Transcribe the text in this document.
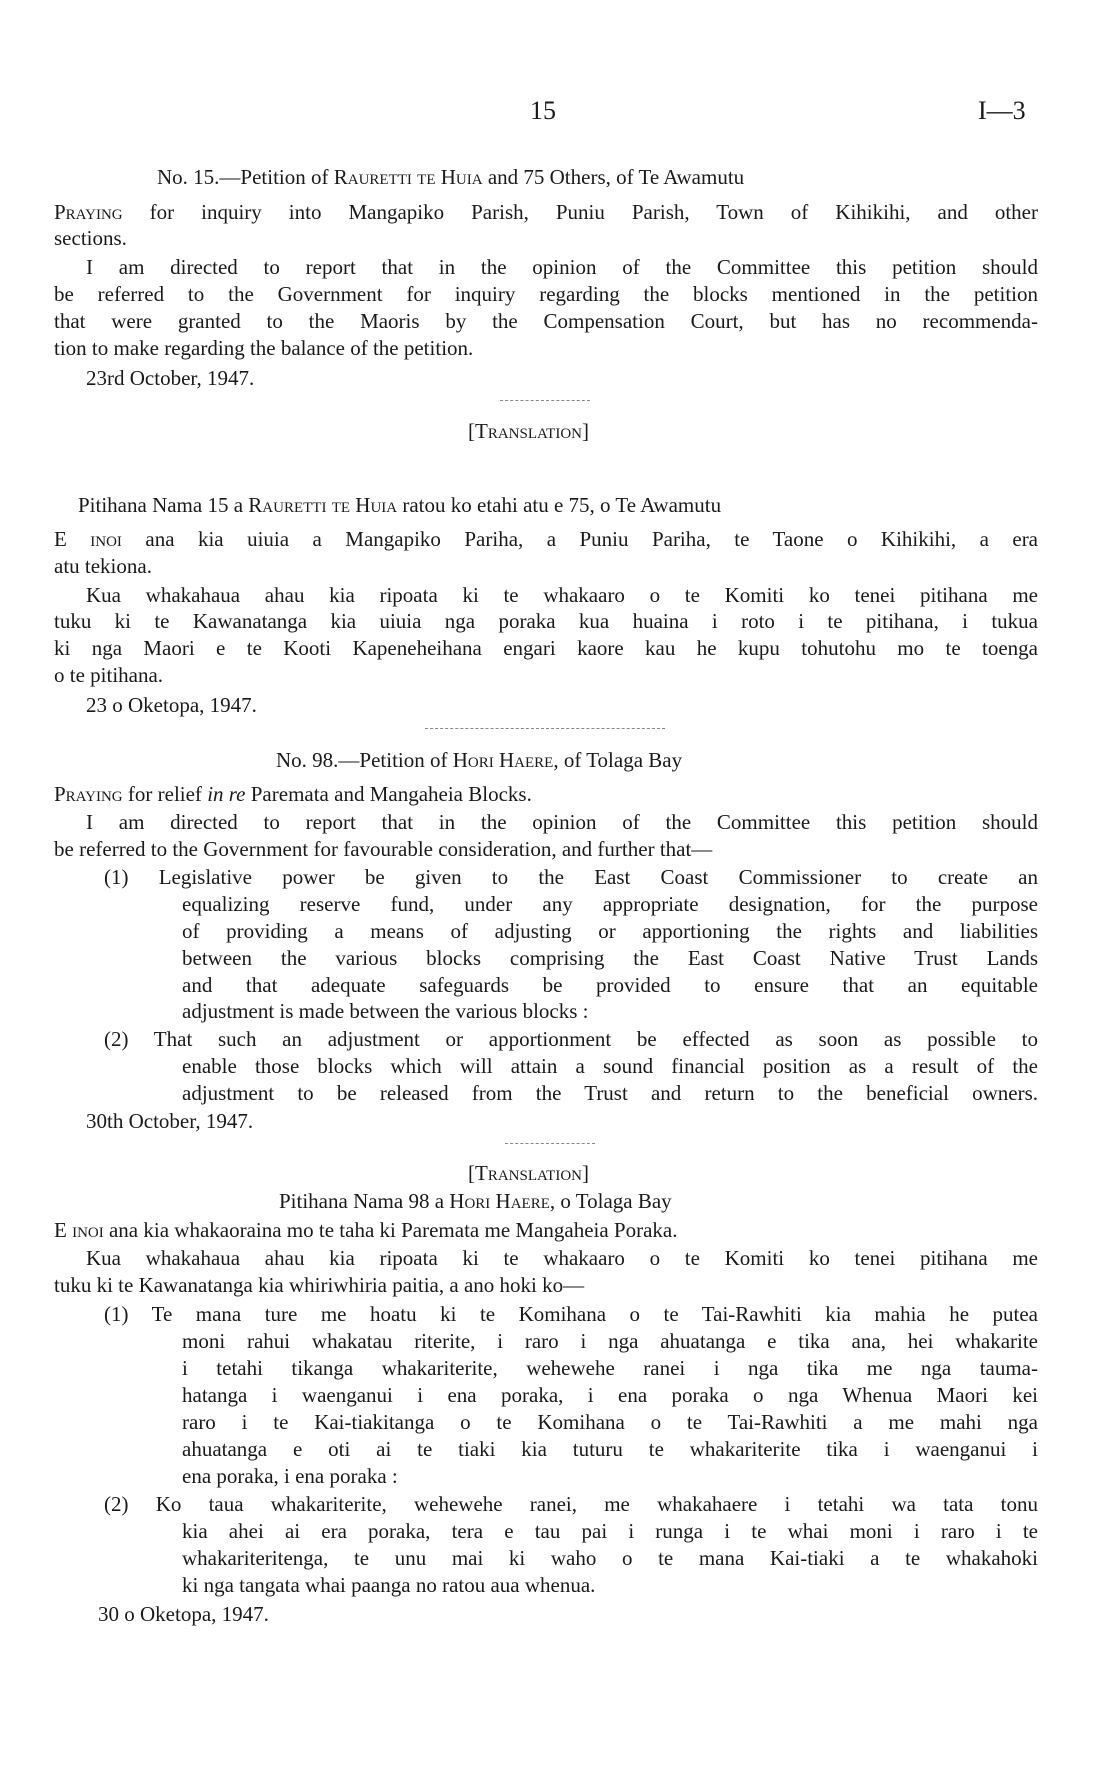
15	I—3
No. 15.—Petition of Rauretti te Huia and 75 Others, of Te Awamutu
Praying for inquiry into Mangapiko Parish, Puniu Parish, Town of Kihikihi, and other
sections.
I am directed to report that in the opinion of the Committee this petition should
be referred to the Government for inquiry regarding the blocks mentioned in the petition
that were granted to the Maoris by the Compensation Court, but has no recommenda-
tion to make regarding the balance of the petition.
23rd October, 1947.
[Translation]
Pitihana Nama 15 a Rauretti te Huia ratou ko etahi atu e 75, o Te Awamutu
E inoi ana kia uiuia a Mangapiko Pariha, a Puniu Pariha, te Taone o Kihikihi, a era
atu tekiona.
Kua whakahaua ahau kia ripoata ki te whakaaro o te Komiti ko tenei pitihana me
tuku ki te Kawanatanga kia uiuia nga poraka kua huaina i roto i te pitihana, i tukua
ki nga Maori e te Kooti Kapeneheihana engari kaore kau he kupu tohutohu mo te toenga
o te pitihana.
23 o Oketopa, 1947.
No. 98.—Petition of Hori Haere, of Tolaga Bay
Praying for relief in re Paremata and Mangaheia Blocks.
I am directed to report that in the opinion of the Committee this petition should
be referred to the Government for favourable consideration, and further that—
(1) Legislative power be given to the East Coast Commissioner to create an
equalizing reserve fund, under any appropriate designation, for the purpose
of providing a means of adjusting or apportioning the rights and liabilities
between the various blocks comprising the East Coast Native Trust Lands
and that adequate safeguards be provided to ensure that an equitable
adjustment is made between the various blocks :
(2) That such an adjustment or apportionment be effected as soon as possible to
enable those blocks which will attain a sound financial position as a result of the
adjustment to be released from the Trust and return to the beneficial owners.
30th October, 1947.
[Translation]
Pitihana Nama 98 a Hori Haere, o Tolaga Bay
E inoi ana kia whakaoraina mo te taha ki Paremata me Mangaheia Poraka.
Kua whakahaua ahau kia ripoata ki te whakaaro o te Komiti ko tenei pitihana me
tuku ki te Kawanatanga kia whiriwhiria paitia, a ano hoki ko—
(1) Te mana ture me hoatu ki te Komihana o te Tai-Rawhiti kia mahia he putea
moni rahui whakatau riterite, i raro i nga ahuatanga e tika ana, hei whakarite
i tetahi tikanga whakariterite, wehewehe ranei i nga tika me nga tauma-
hatanga i waenganui i ena poraka, i ena poraka o nga Whenua Maori kei
raro i te Kai-tiakitanga o te Komihana o te Tai-Rawhiti a me mahi nga
ahuatanga e oti ai te tiaki kia tuturu te whakariterite tika i waenganui i
ena poraka, i ena poraka :
(2) Ko taua whakariterite, wehewehe ranei, me whakahaere i tetahi wa tata tonu
kia ahei ai era poraka, tera e tau pai i runga i te whai moni i raro i te
whakariteritenga, te unu mai ki waho o te mana Kai-tiaki a te whakahoki
ki nga tangata whai paanga no ratou aua whenua.
30 o Oketopa, 1947.
